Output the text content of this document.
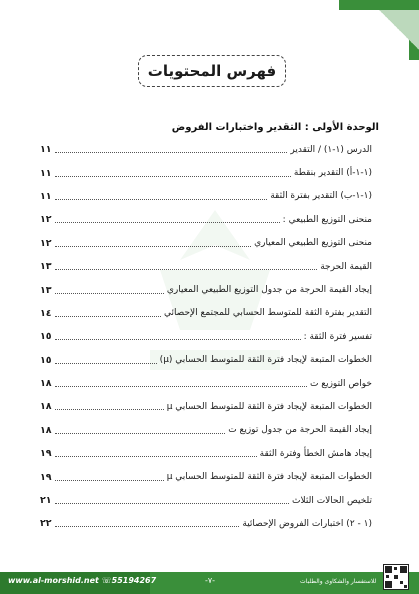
فهرس المحتويات
الوحدة الأولى : التقدير واختبارات الفروض
الدرس (١-١) / التقدير
١١
(١-١-أ) التقدير بنقطة
١١
(١-١-ب) التقدير بفترة الثقة
١١
منحنى التوزيع الطبيعي :
١٢
منحنى التوزيع الطبيعي المعياري
١٢
القيمة الحرجة
١٣
إيجاد القيمة الحرجة من جدول التوزيع الطبيعي المعياري
١٣
التقدير بفترة الثقة للمتوسط الحسابي للمجتمع الإحصائي
١٤
تفسير فترة الثقة :
١٥
الخطوات المتبعة لإيجاد فترة الثقة للمتوسط الحسابي (μ)
١٥
خواص التوزيع ت
١٨
الخطوات المتبعة لإيجاد فترة الثقة للمتوسط الحسابي μ
١٨
إيجاد القيمة الحرجة من جدول توزيع ت
١٨
إيجاد هامش الخطأ وفترة الثقة
١٩
الخطوات المتبعة لإيجاد فترة الثقة للمتوسط الحسابي μ
١٩
تلخيص الحالات الثلاث
٢١
(١ - ٢) اختبارات الفروض الإحصائية
٢٢
www.al-morshid.net ☏55194267	-٧-	للاستفسار والشكاوى والطلبات
